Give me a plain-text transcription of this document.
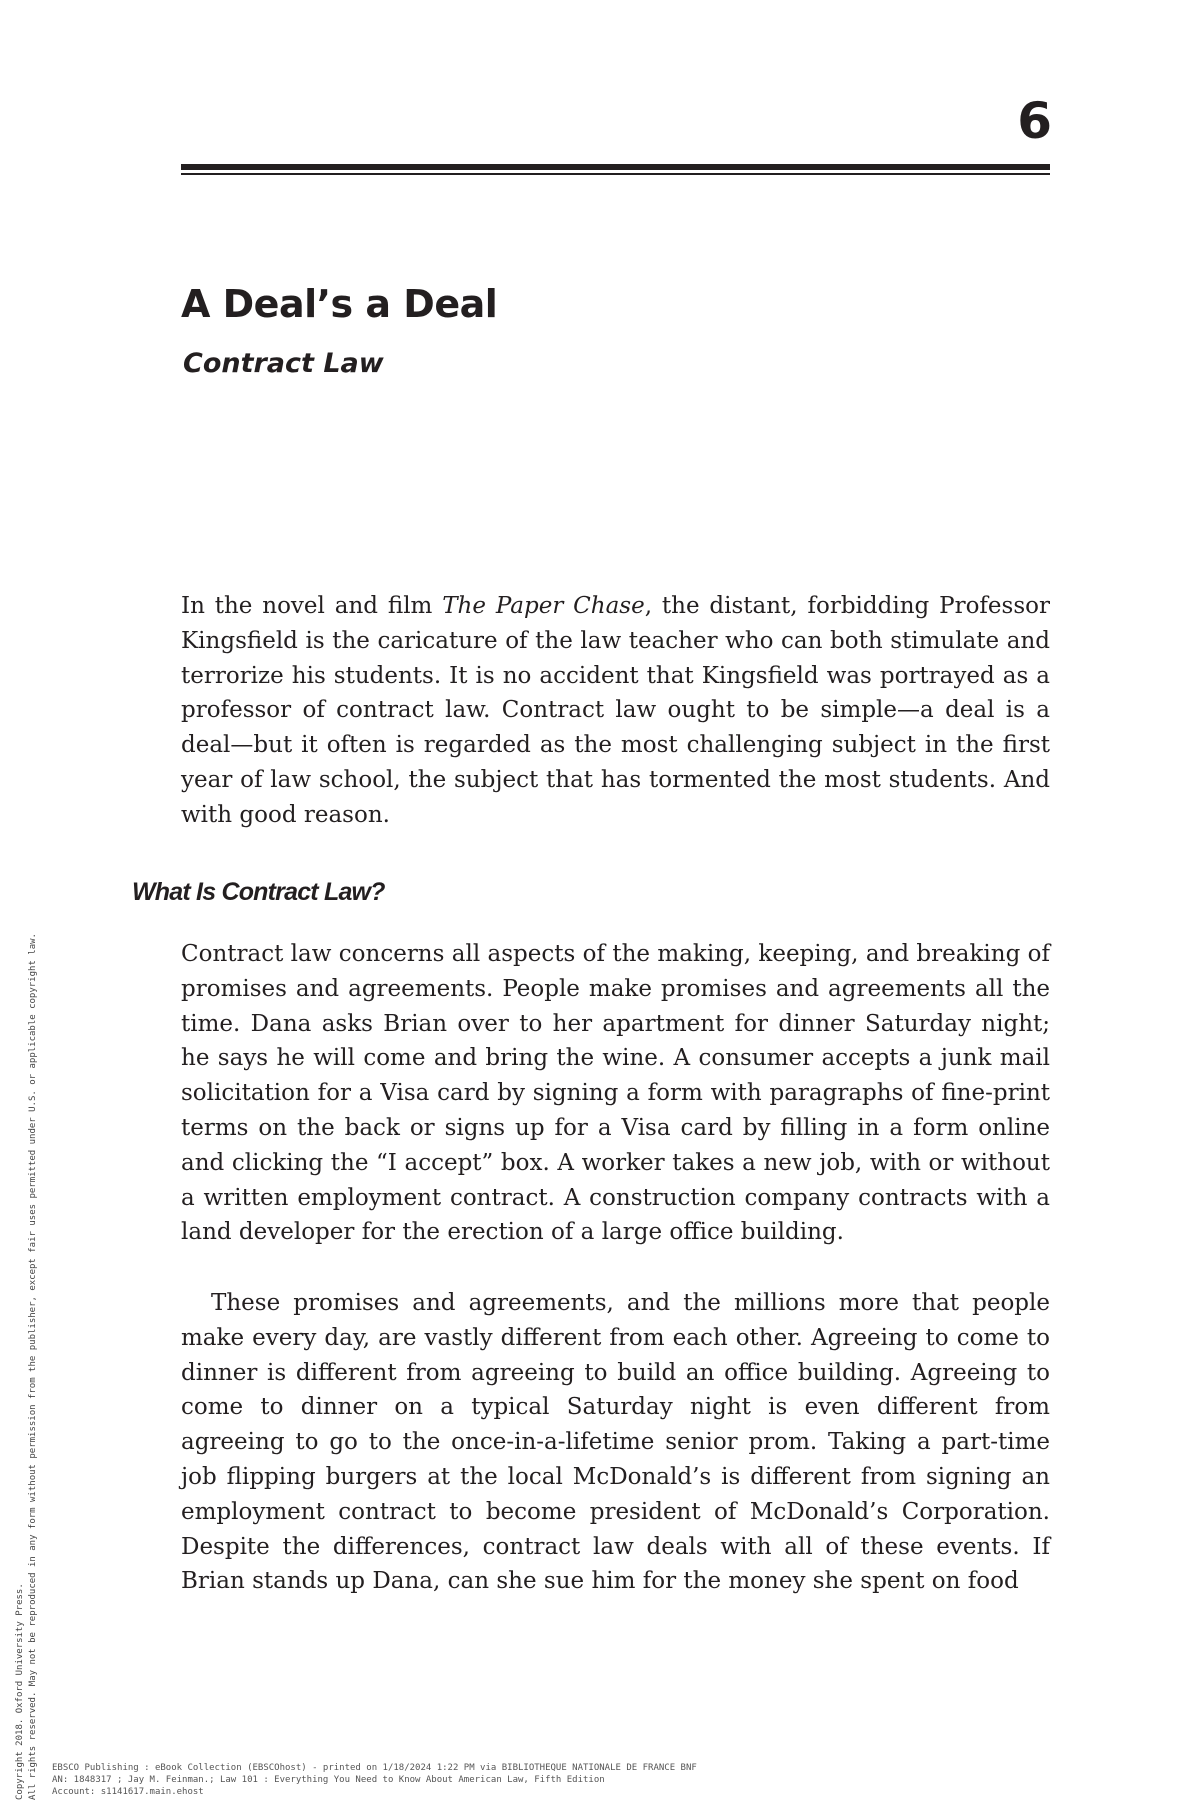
6
A Deal’s a Deal
Contract Law

In the novel and film The Paper Chase, the distant, forbidding Professor Kingsfield is the caricature of the law teacher who can both stimulate and terrorize his students. It is no accident that Kingsfield was portrayed as a professor of contract law. Contract law ought to be simple—a deal is a deal—but it often is regarded as the most challenging subject in the first year of law school, the subject that has tormented the most students. And with good reason.

What Is Contract Law?

Contract law concerns all aspects of the making, keeping, and breaking of promises and agreements. People make promises and agreements all the time. Dana asks Brian over to her apartment for dinner Saturday night; he says he will come and bring the wine. A consumer accepts a junk mail solicitation for a Visa card by signing a form with paragraphs of fine-print terms on the back or signs up for a Visa card by filling in a form online and clicking the “I accept” box. A worker takes a new job, with or without a written employment contract. A construction company contracts with a land developer for the erection of a large office building.

These promises and agreements, and the millions more that people make every day, are vastly different from each other. Agreeing to come to dinner is different from agreeing to build an office building. Agreeing to come to dinner on a typical Saturday night is even different from agreeing to go to the once-in-a-lifetime senior prom. Taking a part-time job flipping burgers at the local McDonald’s is different from signing an employment contract to become president of McDonald’s Corporation. Despite the differences, contract law deals with all of these events. If Brian stands up Dana, can she sue him for the money she spent on food

Copyright 2018. Oxford University Press. All rights reserved. May not be reproduced in any form without permission from the publisher, except fair uses permitted under U.S. or applicable copyright law. EBSCO Publishing : eBook Collection (EBSCOhost) - printed on 1/18/2024 1:22 PM via BIBLIOTHEQUE NATIONALE DE FRANCE BNF
AN: 1848317 ; Jay M. Feinman.; Law 101 : Everything You Need to Know About American Law, Fifth Edition
Account: s1141617.main.ehost
